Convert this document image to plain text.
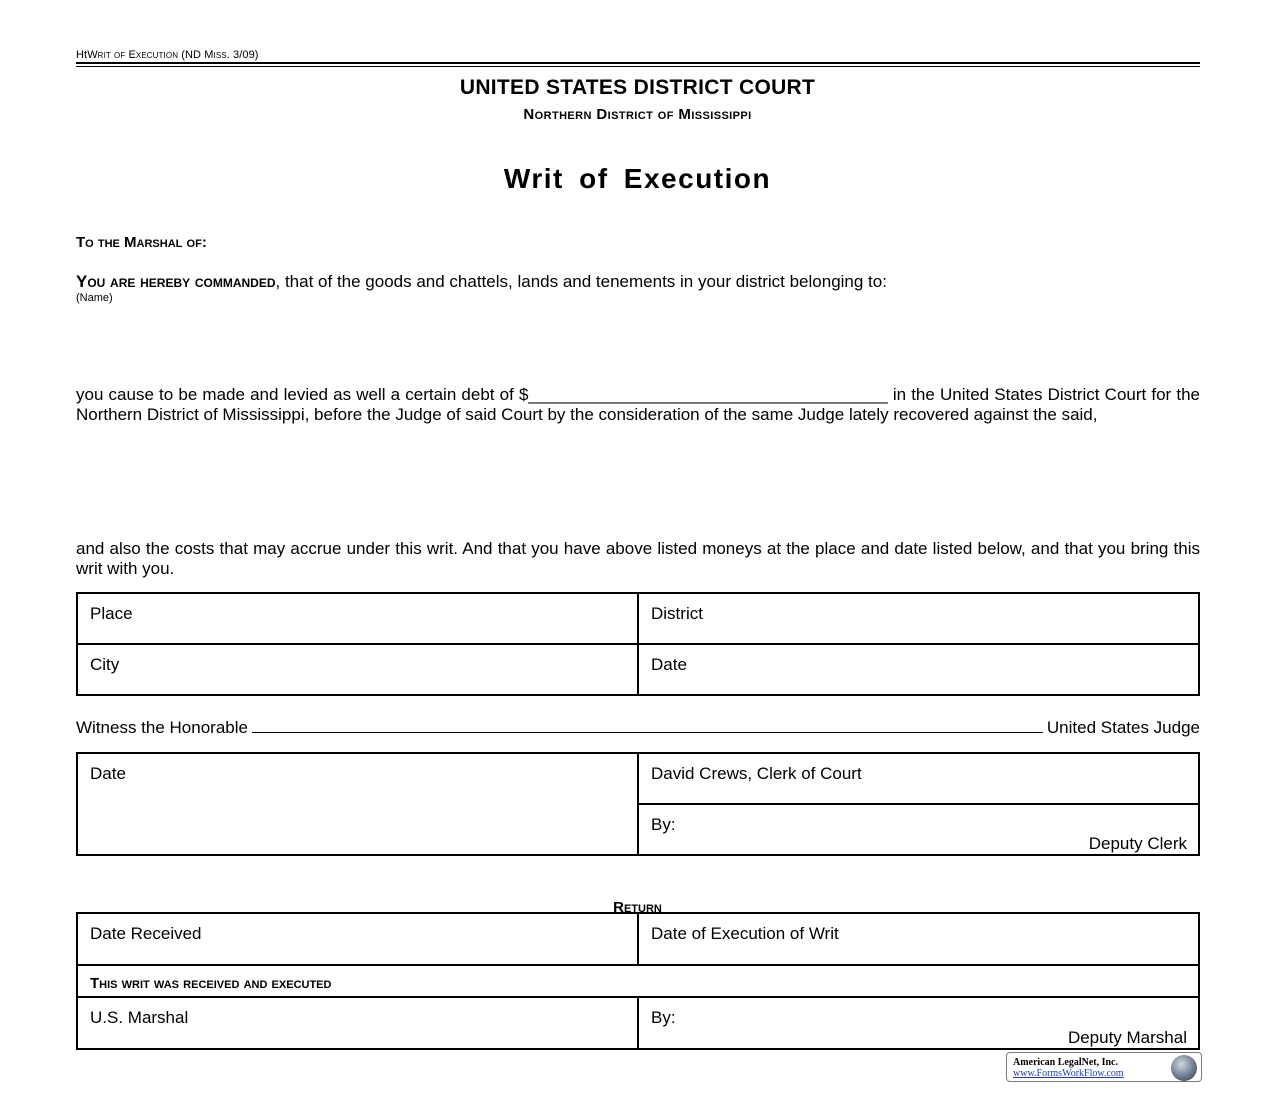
HtWrit of Execution (ND Miss. 3/09)
UNITED STATES DISTRICT COURT
Northern District of Mississippi
Writ of Execution
To the Marshal of:
You are hereby commanded, that of the goods and chattels, lands and tenements in your district belonging to:
(Name)
you cause to be made and levied as well a certain debt of $______________________________________ in the United States District Court for the Northern District of Mississippi, before the Judge of said Court by the consideration of the same Judge lately recovered against the said,
and also the costs that may accrue under this writ. And that you have above listed moneys at the place and date listed below, and that you bring this writ with you.
Place	District
City	Date
Witness the Honorable	United States Judge
Date	David Crews, Clerk of Court
By:
Deputy Clerk
Return
Date Received	Date of Execution of Writ
This writ was received and executed	
U.S. Marshal	By:
Deputy Marshal
American LegalNet, Inc.
www.FormsWorkFlow.com
